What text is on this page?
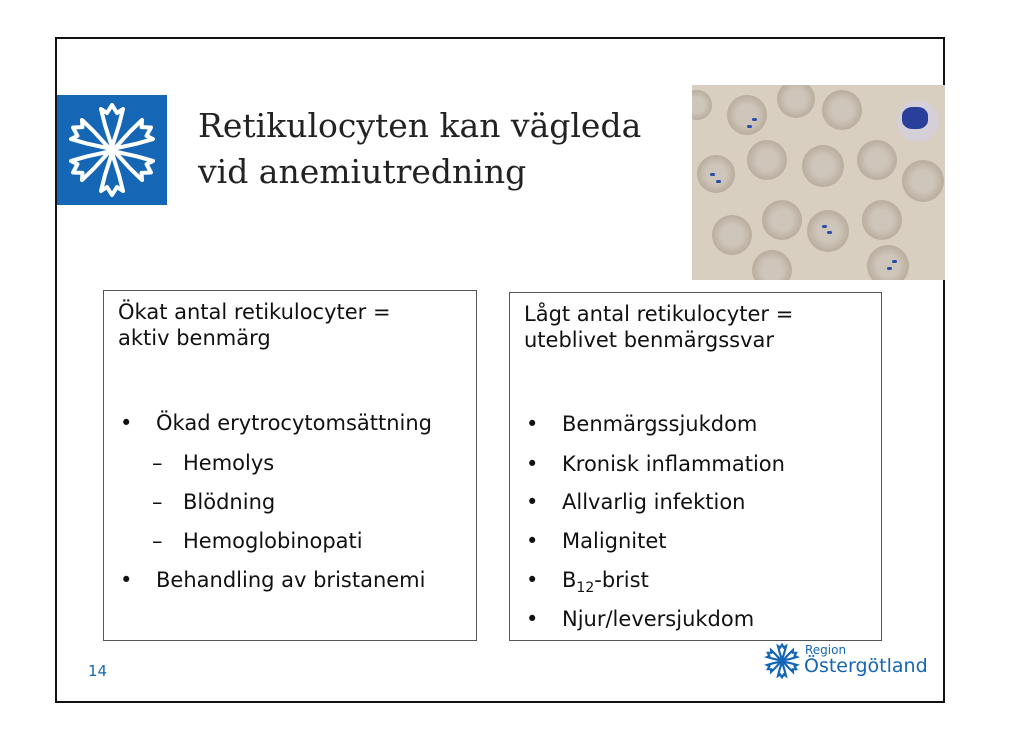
Retikulocyten kan vägleda
vid anemiutredning
Ökat antal retikulocyter =
aktiv benmärg
• Ökad erytrocytomsättning
– Hemolys
– Blödning
– Hemoglobinopati
• Behandling av bristanemi
Lågt antal retikulocyter =
uteblivet benmärgssvar
• Benmärgssjukdom
• Kronisk inflammation
• Allvarlig infektion
• Malignitet
• $B_{12}$-brist
• Njur/leversjukdom
14
Region
Östergötland
